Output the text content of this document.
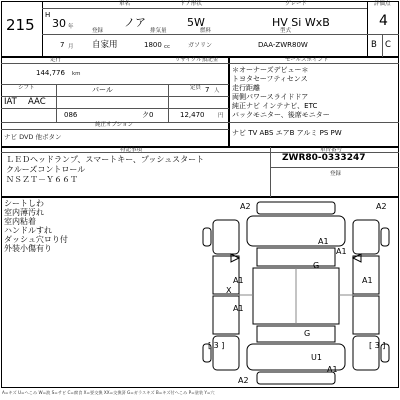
215
車名	ドア形状	グレード	評価点
H
30 年	ノア	5W	HV Si WxB	4
登録	排気量	燃料	型式
7 月 自家用	1800 cc	ガソリン	DAA-ZWR80W	B C
走行	リサイクル預託金
144,776 km
シフト	定員
IAT AAC
パール	7 人
086	ク0	12,470 円
純正オプション
ナビ DVD 他ボタン
セールスポイント
＊オーナーズデビュー＊
トヨタセーフティセンス
走行距離
両側パワースライドドア
純正ナビ インテナビ、ETC
バックモニター、後席モニター
ナビ TV ABS エアB アルミ PS PW
特記事項
ＬＥＤヘッドランプ、スマートキー、プッシュスタート
クルーズコントロール
ＮＳＺＴ－Ｙ６６Ｔ
車台番号
ZWR80-0333247
登録
シートしわ
室内薄汚れ
室内粘着
ハンドルすれ
ダッシュ穴ロり付
外装小傷有り
A2	A2
A1
A1
G
A1	A1
X
A1
G
[ 3 ]	[ 3 ]
U1
A1
A2
A=キズ U=へこみ W=波 S=サビ C=腐食 X=要交換 XX=交換済 G=ガラスキズ B=キズ付へこみ P=塗装 Y=穴
